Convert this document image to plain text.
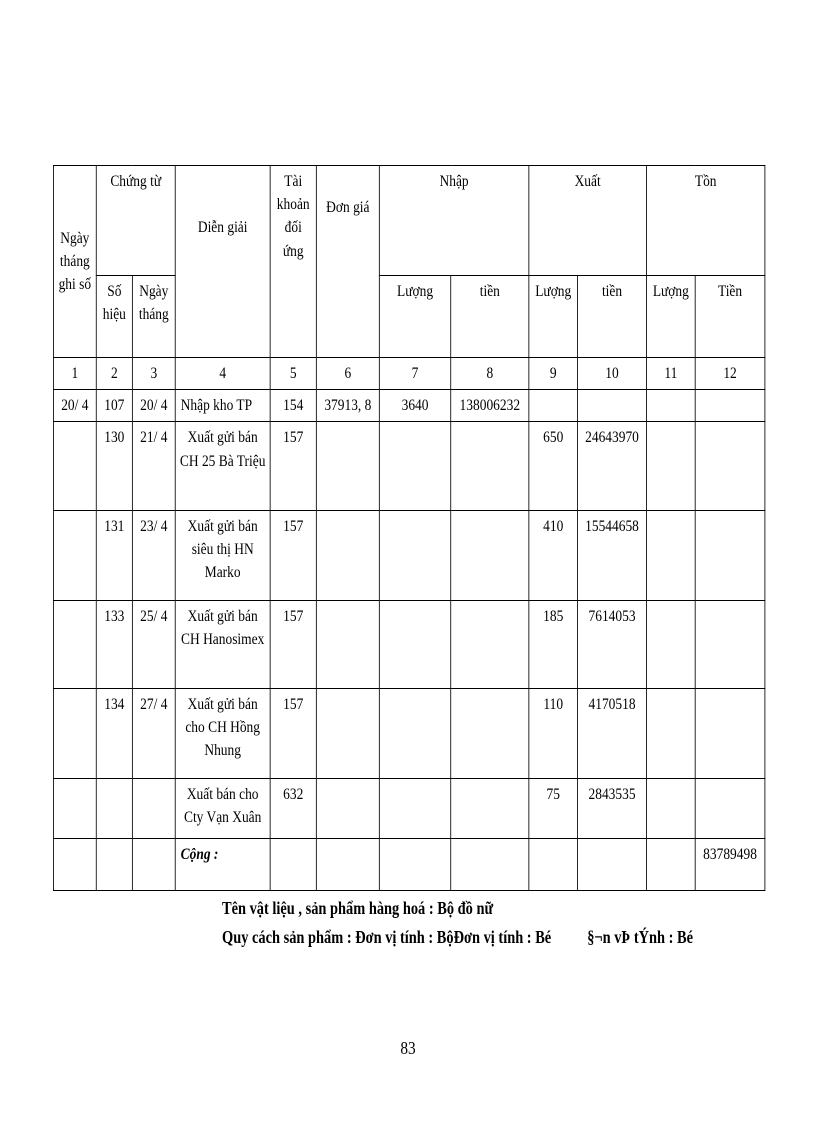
Ngày tháng ghi số	Chứng từ		Diễn giải	Tài khoản đối ứng	Đơn giá	Nhập		Xuất		Tồn	
	Số hiệu	Ngày tháng				Lượng	tiền	Lượng	tiền	Lượng	Tiền
1	2	3	4	5	6	7	8	9	10	11	12
20/ 4	107	20/ 4	Nhập kho TP	154	37913, 8	3640	138006232				
	130	21/ 4	Xuất gửi bán CH 25 Bà Triệu	157				650	24643970		
	131	23/ 4	Xuất gửi bán siêu thị HN Marko	157				410	15544658		
	133	25/ 4	Xuất gửi bán CH Hanosimex	157				185	7614053		
	134	27/ 4	Xuất gửi bán cho CH Hồng Nhung	157				110	4170518		
			Xuất bán cho Cty Vạn Xuân	632				75	2843535		
			Cộng :								83789498
Tên vật liệu , sản phẩm hàng hoá : Bộ đồ nữ
Quy cách sản phẩm : Đơn vị tính : BộĐơn vị tính : Bé          §¬n vÞ tÝnh : Bé
83
